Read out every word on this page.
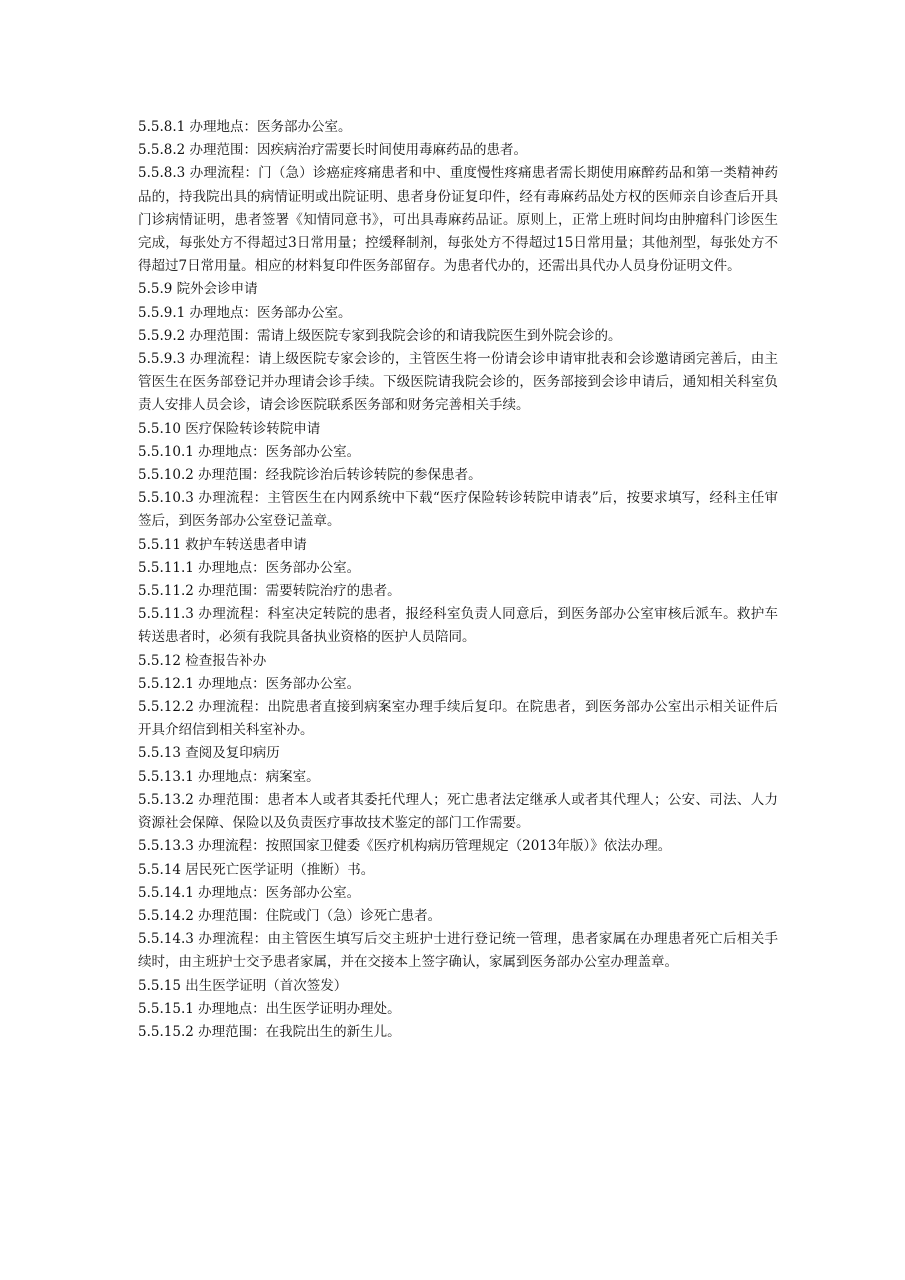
5.5.8.1 办理地点：医务部办公室。

5.5.8.2 办理范围：因疾病治疗需要长时间使用毒麻药品的患者。

5.5.8.3 办理流程：门（急）诊癌症疼痛患者和中、重度慢性疼痛患者需长期使用麻醉药品和第一类精神药品的，持我院出具的病情证明或出院证明、患者身份证复印件，经有毒麻药品处方权的医师亲自诊查后开具门诊病情证明，患者签署《知情同意书》，可出具毒麻药品证。原则上，正常上班时间均由肿瘤科门诊医生完成，每张处方不得超过3日常用量；控缓释制剂，每张处方不得超过15日常用量；其他剂型，每张处方不得超过7日常用量。相应的材料复印件医务部留存。为患者代办的，还需出具代办人员身份证明文件。

5.5.9 院外会诊申请

5.5.9.1 办理地点：医务部办公室。

5.5.9.2 办理范围：需请上级医院专家到我院会诊的和请我院医生到外院会诊的。

5.5.9.3 办理流程：请上级医院专家会诊的，主管医生将一份请会诊申请审批表和会诊邀请函完善后，由主管医生在医务部登记并办理请会诊手续。下级医院请我院会诊的，医务部接到会诊申请后，通知相关科室负责人安排人员会诊，请会诊医院联系医务部和财务完善相关手续。

5.5.10 医疗保险转诊转院申请

5.5.10.1 办理地点：医务部办公室。

5.5.10.2 办理范围：经我院诊治后转诊转院的参保患者。

5.5.10.3 办理流程：主管医生在内网系统中下载“医疗保险转诊转院申请表”后，按要求填写，经科主任审签后，到医务部办公室登记盖章。

5.5.11 救护车转送患者申请

5.5.11.1 办理地点：医务部办公室。

5.5.11.2 办理范围：需要转院治疗的患者。

5.5.11.3 办理流程：科室决定转院的患者，报经科室负责人同意后，到医务部办公室审核后派车。救护车转送患者时，必须有我院具备执业资格的医护人员陪同。

5.5.12 检查报告补办

5.5.12.1 办理地点：医务部办公室。

5.5.12.2 办理流程：出院患者直接到病案室办理手续后复印。在院患者，到医务部办公室出示相关证件后开具介绍信到相关科室补办。

5.5.13 查阅及复印病历

5.5.13.1 办理地点：病案室。

5.5.13.2 办理范围：患者本人或者其委托代理人；死亡患者法定继承人或者其代理人；公安、司法、人力资源社会保障、保险以及负责医疗事故技术鉴定的部门工作需要。

5.5.13.3 办理流程：按照国家卫健委《医疗机构病历管理规定（2013年版）》依法办理。

5.5.14 居民死亡医学证明（推断）书。

5.5.14.1 办理地点：医务部办公室。

5.5.14.2 办理范围：住院或门（急）诊死亡患者。

5.5.14.3 办理流程：由主管医生填写后交主班护士进行登记统一管理，患者家属在办理患者死亡后相关手续时，由主班护士交予患者家属，并在交接本上签字确认，家属到医务部办公室办理盖章。

5.5.15 出生医学证明（首次签发）

5.5.15.1 办理地点：出生医学证明办理处。

5.5.15.2 办理范围：在我院出生的新生儿。
